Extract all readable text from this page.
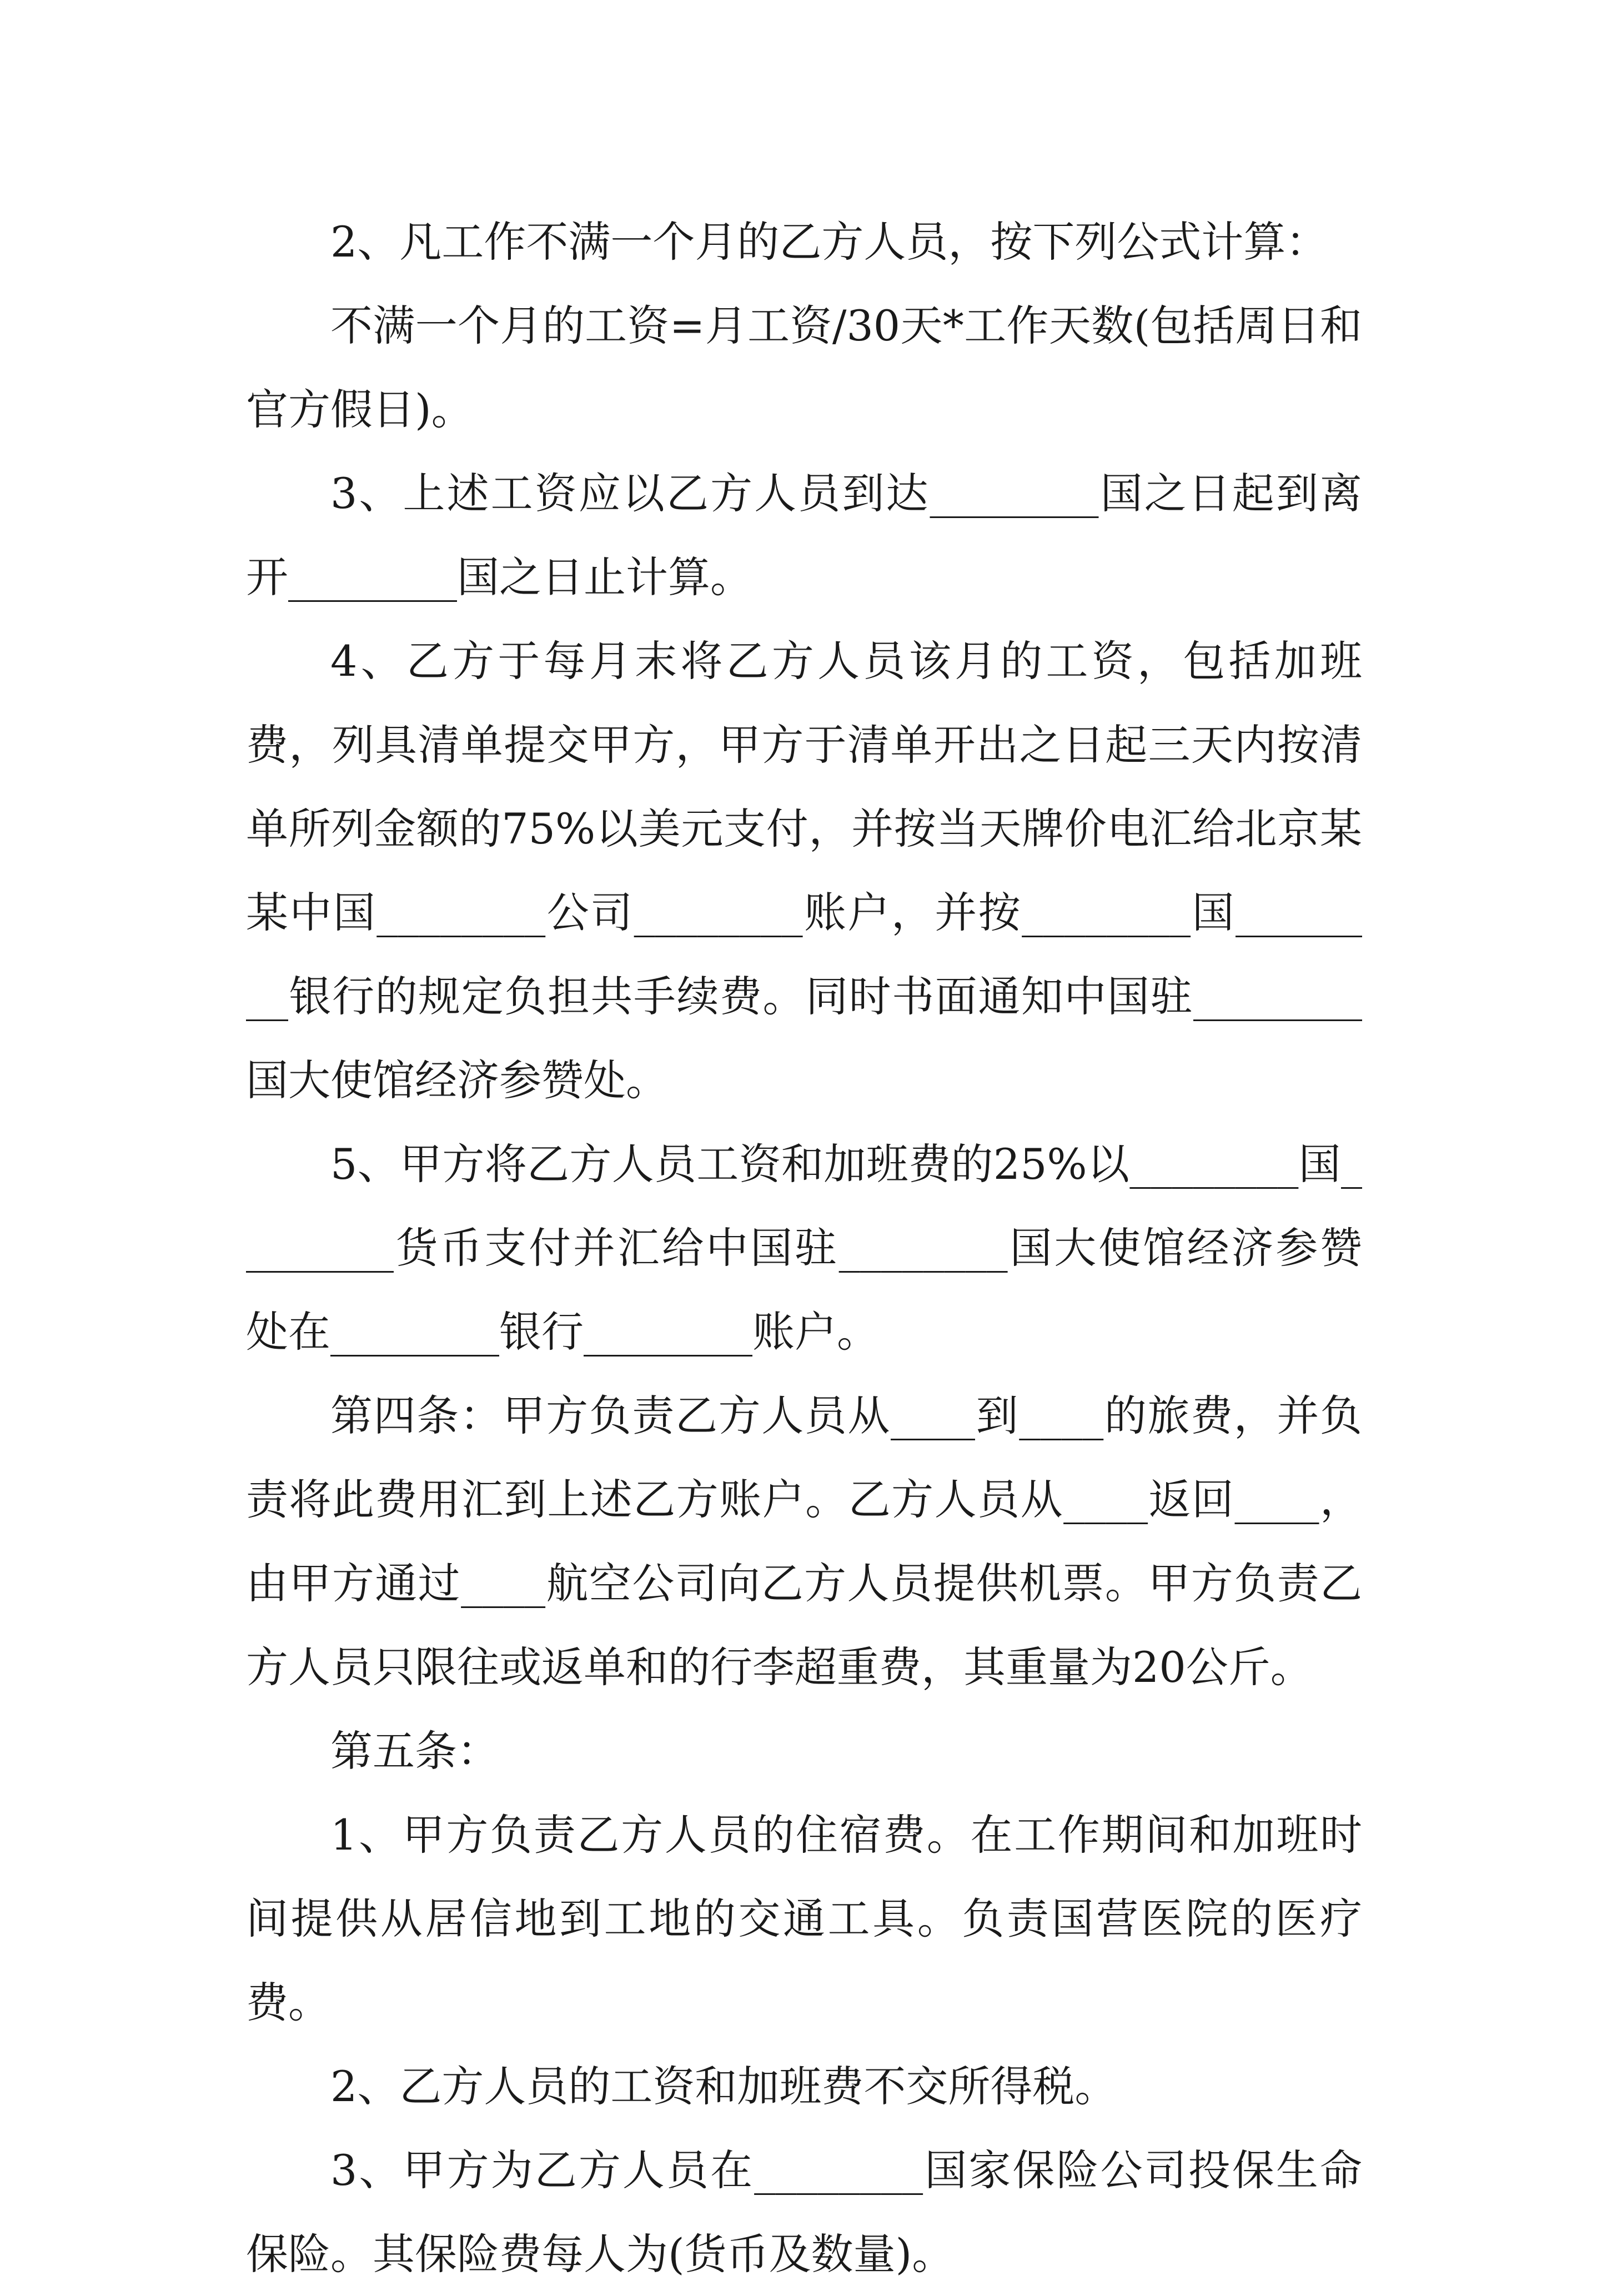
2、凡工作不满一个月的乙方人员，按下列公式计算：

不满一个月的工资=月工资/30天*工作天数(包括周日和官方假日)。

3、上述工资应以乙方人员到达________国之日起到离开________国之日止计算。

4、乙方于每月末将乙方人员该月的工资，包括加班费，列具清单提交甲方，甲方于清单开出之日起三天内按清单所列金额的75%以美元支付，并按当天牌价电汇给北京某某中国________公司________账户，并按________国________银行的规定负担共手续费。同时书面通知中国驻________国大使馆经济参赞处。

5、甲方将乙方人员工资和加班费的25%以________国________货币支付并汇给中国驻________国大使馆经济参赞处在________银行________账户。

第四条：甲方负责乙方人员从____到____的旅费，并负责将此费用汇到上述乙方账户。乙方人员从____返回____，由甲方通过____航空公司向乙方人员提供机票。甲方负责乙方人员只限往或返单和的行李超重费，其重量为20公斤。

第五条：

1、甲方负责乙方人员的住宿费。在工作期间和加班时间提供从居信地到工地的交通工具。负责国营医院的医疗费。

2、乙方人员的工资和加班费不交所得税。

3、甲方为乙方人员在________国家保险公司投保生命保险。其保险费每人为(货币及数量)。
